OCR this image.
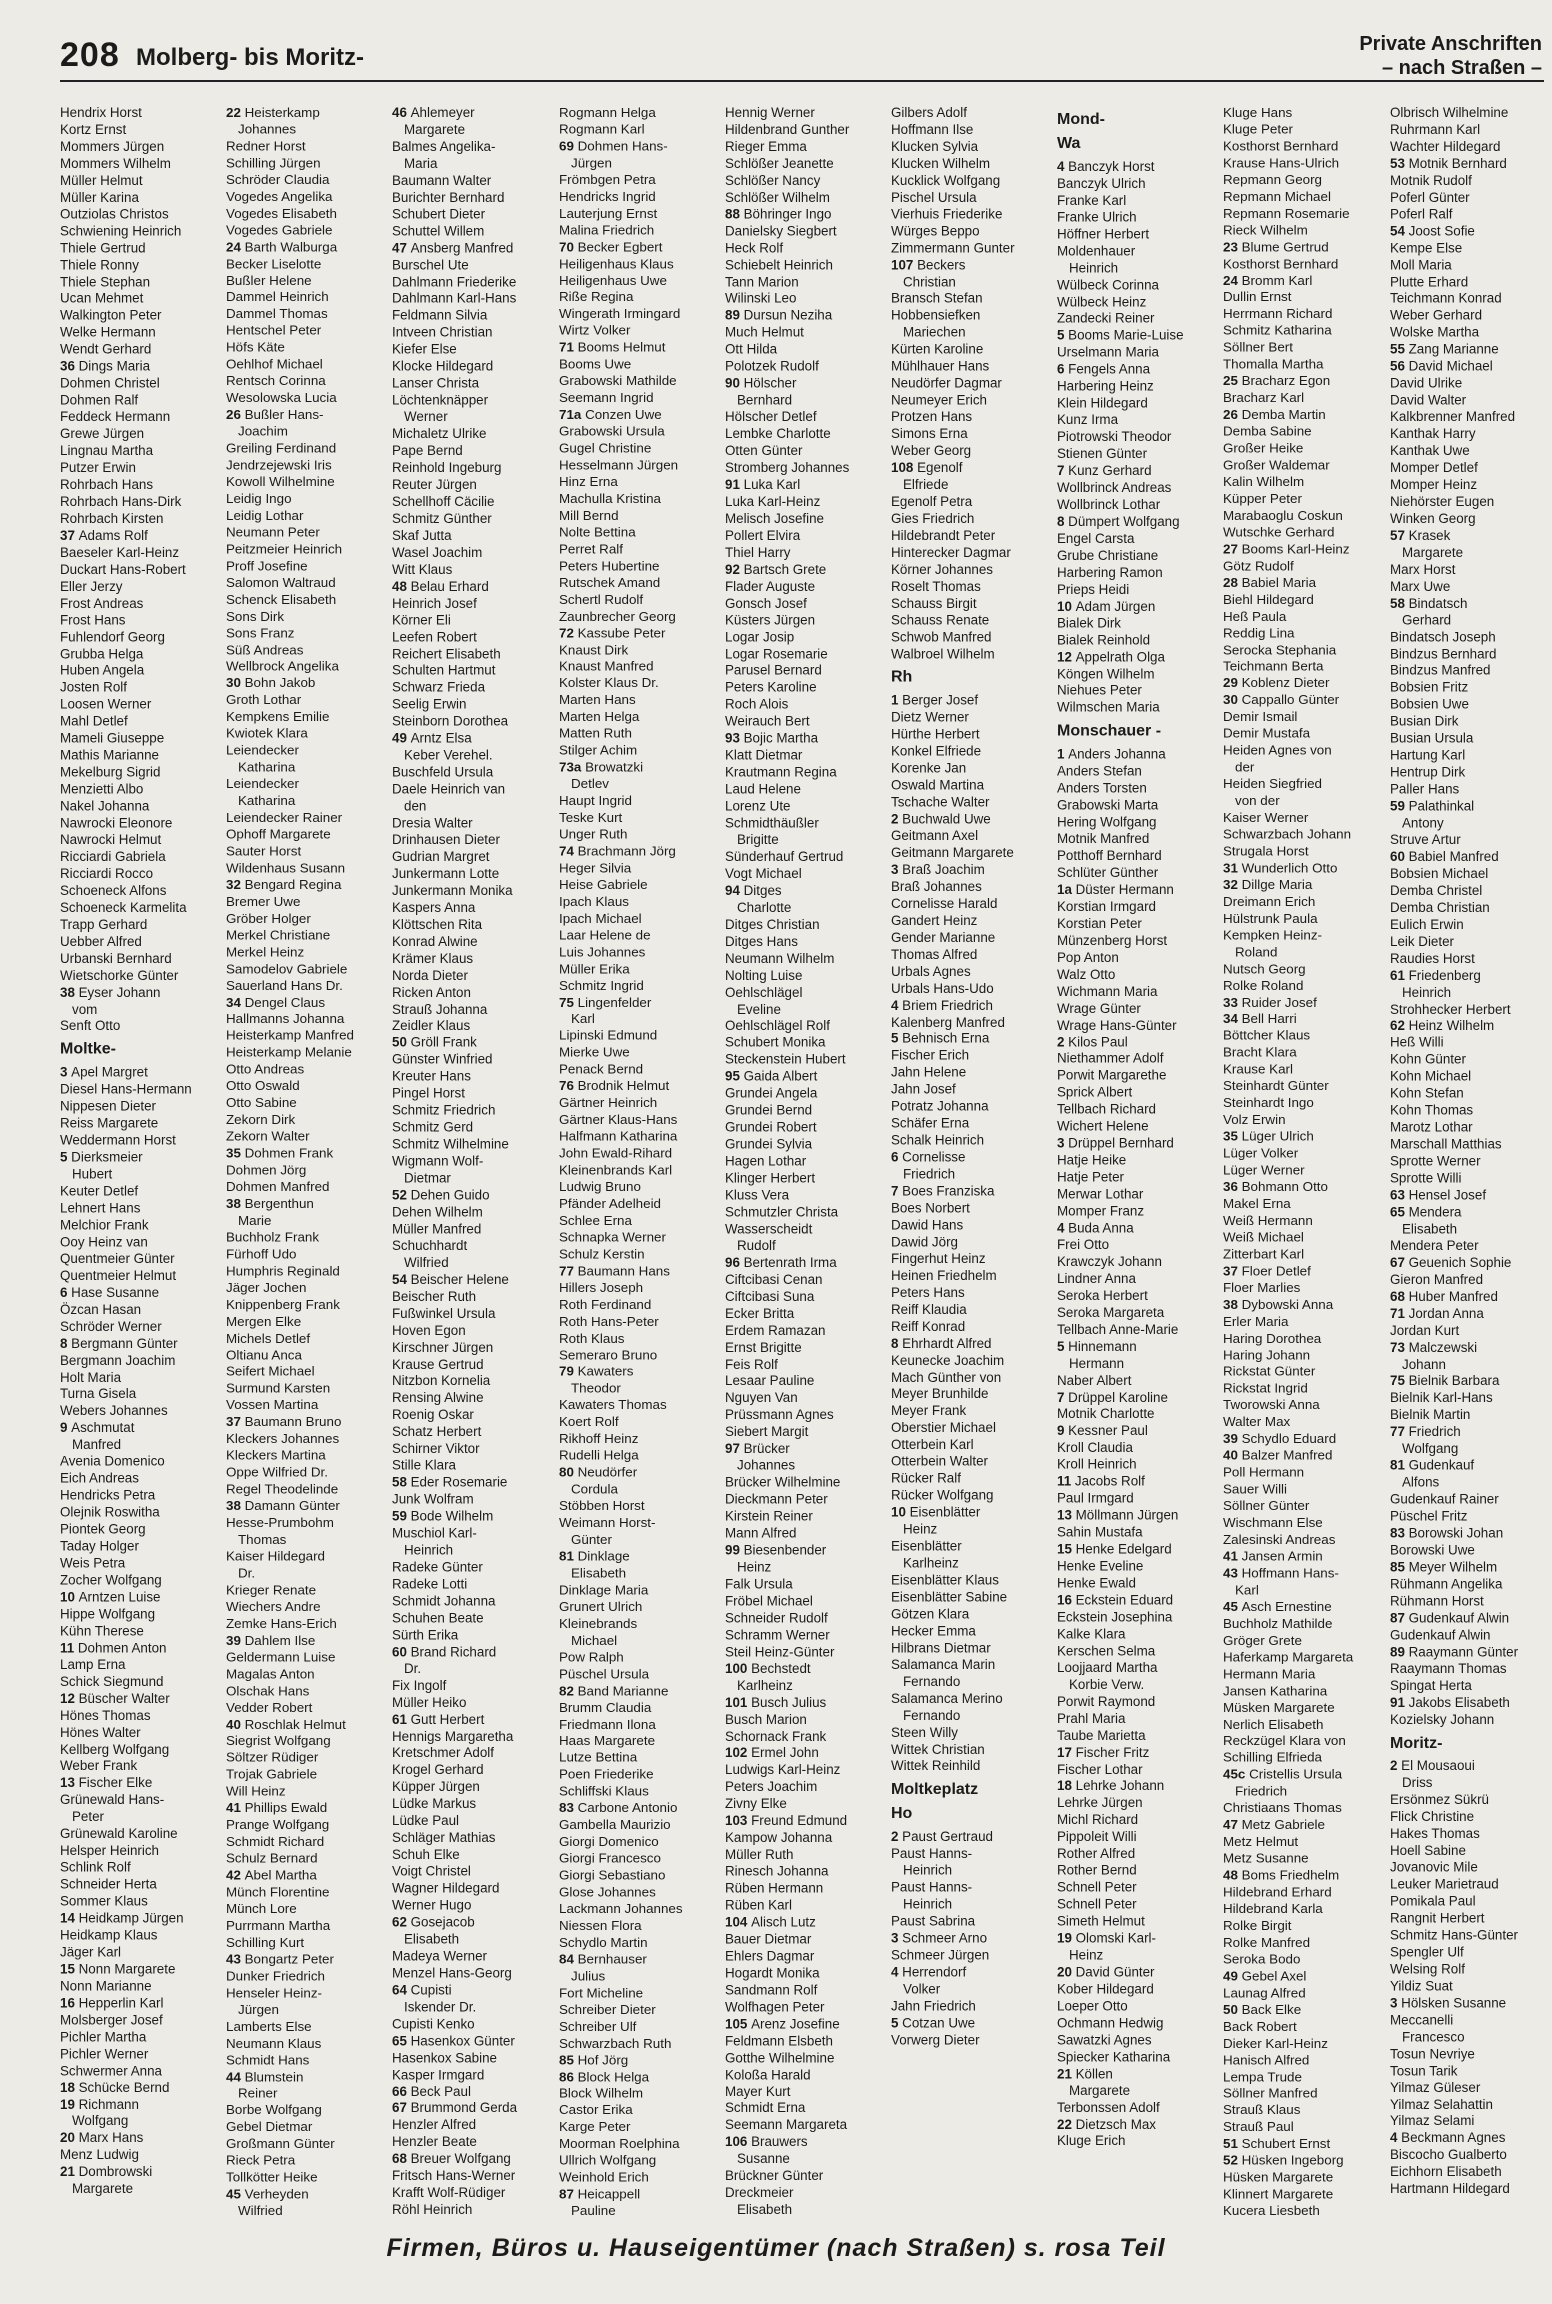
208 Molberg- bis Moritz-	Private Anschriften
– nach Straßen –
Hendrix Horst
Kortz Ernst
Mommers Jürgen
Mommers Wilhelm
Müller Helmut
Müller Karina
Outziolas Christos
Schwiening Heinrich
Thiele Gertrud
Thiele Ronny
Thiele Stephan
Ucan Mehmet
Walkington Peter
Welke Hermann
Wendt Gerhard
36 Dings Maria
Dohmen Christel
Dohmen Ralf
Feddeck Hermann
Grewe Jürgen
Lingnau Martha
Putzer Erwin
Rohrbach Hans
Rohrbach Hans-Dirk
Rohrbach Kirsten
37 Adams Rolf
Baeseler Karl-Heinz
Duckart Hans-Robert
Eller Jerzy
Frost Andreas
Frost Hans
Fuhlendorf Georg
Grubba Helga
Huben Angela
Josten Rolf
Loosen Werner
Mahl Detlef
Mameli Giuseppe
Mathis Marianne
Mekelburg Sigrid
Menzietti Albo
Nakel Johanna
Nawrocki Eleonore
Nawrocki Helmut
Ricciardi Gabriela
Ricciardi Rocco
Schoeneck Alfons
Schoeneck Karmelita
Trapp Gerhard
Uebber Alfred
Urbanski Bernhard
Wietschorke Günter
38 Eyser Johann
vom
Senft Otto
Moltke-
3 Apel Margret
Diesel Hans-Hermann
Nippesen Dieter
Reiss Margarete
Weddermann Horst
5 Dierksmeier
Hubert
Keuter Detlef
Lehnert Hans
Melchior Frank
Ooy Heinz van
Quentmeier Günter
Quentmeier Helmut
6 Hase Susanne
Özcan Hasan
Schröder Werner
8 Bergmann Günter
Bergmann Joachim
Holt Maria
Turna Gisela
Webers Johannes
9 Aschmutat
Manfred
Avenia Domenico
Eich Andreas
Hendricks Petra
Olejnik Roswitha
Piontek Georg
Taday Holger
Weis Petra
Zocher Wolfgang
10 Arntzen Luise
Hippe Wolfgang
Kühn Therese
11 Dohmen Anton
Lamp Erna
Schick Siegmund
12 Büscher Walter
Hönes Thomas
Hönes Walter
Kellberg Wolfgang
Weber Frank
13 Fischer Elke
Grünewald Hans-
Peter
Grünewald Karoline
Helsper Heinrich
Schlink Rolf
Schneider Herta
Sommer Klaus
14 Heidkamp Jürgen
Heidkamp Klaus
Jäger Karl
15 Nonn Margarete
Nonn Marianne
16 Hepperlin Karl
Molsberger Josef
Pichler Martha
Pichler Werner
Schwermer Anna
18 Schücke Bernd
19 Richmann
Wolfgang
20 Marx Hans
Menz Ludwig
21 Dombrowski
Margarete
22 Heisterkamp
Johannes
Redner Horst
Schilling Jürgen
Schröder Claudia
Vogedes Angelika
Vogedes Elisabeth
Vogedes Gabriele
24 Barth Walburga
Becker Liselotte
Bußler Helene
Dammel Heinrich
Dammel Thomas
Hentschel Peter
Höfs Käte
Oehlhof Michael
Rentsch Corinna
Wesolowska Lucia
26 Bußler Hans-
Joachim
Greiling Ferdinand
Jendrzejewski Iris
Kowoll Wilhelmine
Leidig Ingo
Leidig Lothar
Neumann Peter
Peitzmeier Heinrich
Proff Josefine
Salomon Waltraud
Schenck Elisabeth
Sons Dirk
Sons Franz
Süß Andreas
Wellbrock Angelika
30 Bohn Jakob
Groth Lothar
Kempkens Emilie
Kwiotek Klara
Leiendecker
Katharina
Leiendecker
Katharina
Leiendecker Rainer
Ophoff Margarete
Sauter Horst
Wildenhaus Susann
32 Bengard Regina
Bremer Uwe
Gröber Holger
Merkel Christiane
Merkel Heinz
Samodelov Gabriele
Sauerland Hans Dr.
34 Dengel Claus
Hallmanns Johanna
Heisterkamp Manfred
Heisterkamp Melanie
Otto Andreas
Otto Oswald
Otto Sabine
Zekorn Dirk
Zekorn Walter
35 Dohmen Frank
Dohmen Jörg
Dohmen Manfred
38 Bergenthun
Marie
Buchholz Frank
Fürhoff Udo
Humphris Reginald
Jäger Jochen
Knippenberg Frank
Mergen Elke
Michels Detlef
Oltianu Anca
Seifert Michael
Surmund Karsten
Vossen Martina
37 Baumann Bruno
Kleckers Johannes
Kleckers Martina
Oppe Wilfried Dr.
Regel Theodelinde
38 Damann Günter
Hesse-Prumbohm
Thomas
Kaiser Hildegard
Dr.
Krieger Renate
Wiechers Andre
Zemke Hans-Erich
39 Dahlem Ilse
Geldermann Luise
Magalas Anton
Olschak Hans
Vedder Robert
40 Roschlak Helmut
Siegrist Wolfgang
Söltzer Rüdiger
Trojak Gabriele
Will Heinz
41 Phillips Ewald
Prange Wolfgang
Schmidt Richard
Schulz Bernard
42 Abel Martha
Münch Florentine
Münch Lore
Purrmann Martha
Schilling Kurt
43 Bongartz Peter
Dunker Friedrich
Henseler Heinz-
Jürgen
Lamberts Else
Neumann Klaus
Schmidt Hans
44 Blumstein
Reiner
Borbe Wolfgang
Gebel Dietmar
Großmann Günter
Rieck Petra
Tollkötter Heike
45 Verheyden
Wilfried
46 Ahlemeyer
Margarete
Balmes Angelika-
Maria
Baumann Walter
Burichter Bernhard
Schubert Dieter
Schuttel Willem
47 Ansberg Manfred
Burschel Ute
Dahlmann Friederike
Dahlmann Karl-Hans
Feldmann Silvia
Intveen Christian
Kiefer Else
Klocke Hildegard
Lanser Christa
Löchtenknäpper
Werner
Michaletz Ulrike
Pape Bernd
Reinhold Ingeburg
Reuter Jürgen
Schellhoff Cäcilie
Schmitz Günther
Skaf Jutta
Wasel Joachim
Witt Klaus
48 Belau Erhard
Heinrich Josef
Körner Eli
Leefen Robert
Reichert Elisabeth
Schulten Hartmut
Schwarz Frieda
Seelig Erwin
Steinborn Dorothea
49 Arntz Elsa
Keber Verehel.
Buschfeld Ursula
Daele Heinrich van
den
Dresia Walter
Drinhausen Dieter
Gudrian Margret
Junkermann Lotte
Junkermann Monika
Kaspers Anna
Klöttschen Rita
Konrad Alwine
Krämer Klaus
Norda Dieter
Ricken Anton
Strauß Johanna
Zeidler Klaus
50 Gröll Frank
Günster Winfried
Kreuter Hans
Pingel Horst
Schmitz Friedrich
Schmitz Gerd
Schmitz Wilhelmine
Wigmann Wolf-
Dietmar
52 Dehen Guido
Dehen Wilhelm
Müller Manfred
Schuchhardt
Wilfried
54 Beischer Helene
Beischer Ruth
Fußwinkel Ursula
Hoven Egon
Kirschner Jürgen
Krause Gertrud
Nitzbon Kornelia
Rensing Alwine
Roenig Oskar
Schatz Herbert
Schirner Viktor
Stille Klara
58 Eder Rosemarie
Junk Wolfram
59 Bode Wilhelm
Muschiol Karl-
Heinrich
Radeke Günter
Radeke Lotti
Schmidt Johanna
Schuhen Beate
Sürth Erika
60 Brand Richard
Dr.
Fix Ingolf
Müller Heiko
61 Gutt Herbert
Hennigs Margaretha
Kretschmer Adolf
Krogel Gerhard
Küpper Jürgen
Lüdke Markus
Lüdke Paul
Schläger Mathias
Schuh Elke
Voigt Christel
Wagner Hildegard
Werner Hugo
62 Gosejacob
Elisabeth
Madeya Werner
Menzel Hans-Georg
64 Cupisti
Iskender Dr.
Cupisti Kenko
65 Hasenkox Günter
Hasenkox Sabine
Kasper Irmgard
66 Beck Paul
67 Brummond Gerda
Henzler Alfred
Henzler Beate
68 Breuer Wolfgang
Fritsch Hans-Werner
Krafft Wolf-Rüdiger
Röhl Heinrich
Rogmann Helga
Rogmann Karl
69 Dohmen Hans-
Jürgen
Frömbgen Petra
Hendricks Ingrid
Lauterjung Ernst
Malina Friedrich
70 Becker Egbert
Heiligenhaus Klaus
Heiligenhaus Uwe
Riße Regina
Wingerath Irmingard
Wirtz Volker
71 Booms Helmut
Booms Uwe
Grabowski Mathilde
Seemann Ingrid
71a Conzen Uwe
Grabowski Ursula
Gugel Christine
Hesselmann Jürgen
Hinz Erna
Machulla Kristina
Mill Bernd
Nolte Bettina
Perret Ralf
Peters Hubertine
Rutschek Amand
Schertl Rudolf
Zaunbrecher Georg
72 Kassube Peter
Knaust Dirk
Knaust Manfred
Kolster Klaus Dr.
Marten Hans
Marten Helga
Matten Ruth
Stilger Achim
73a Browatzki
Detlev
Haupt Ingrid
Teske Kurt
Unger Ruth
74 Brachmann Jörg
Heger Silvia
Heise Gabriele
Ipach Klaus
Ipach Michael
Laar Helene de
Luis Johannes
Müller Erika
Schmitz Ingrid
75 Lingenfelder
Karl
Lipinski Edmund
Mierke Uwe
Penack Bernd
76 Brodnik Helmut
Gärtner Heinrich
Gärtner Klaus-Hans
Halfmann Katharina
John Ewald-Rihard
Kleinenbrands Karl
Ludwig Bruno
Pfänder Adelheid
Schlee Erna
Schnapka Werner
Schulz Kerstin
77 Baumann Hans
Hillers Joseph
Roth Ferdinand
Roth Hans-Peter
Roth Klaus
Semeraro Bruno
79 Kawaters
Theodor
Kawaters Thomas
Koert Rolf
Rikhoff Heinz
Rudelli Helga
80 Neudörfer
Cordula
Stöbben Horst
Weimann Horst-
Günter
81 Dinklage
Elisabeth
Dinklage Maria
Grunert Ulrich
Kleinebrands
Michael
Pow Ralph
Püschel Ursula
82 Band Marianne
Brumm Claudia
Friedmann Ilona
Haas Margarete
Lutze Bettina
Poen Friederike
Schliffski Klaus
83 Carbone Antonio
Gambella Maurizio
Giorgi Domenico
Giorgi Francesco
Giorgi Sebastiano
Glose Johannes
Lackmann Johannes
Niessen Flora
Schydlo Martin
84 Bernhauser
Julius
Fort Micheline
Schreiber Dieter
Schreiber Ulf
Schwarzbach Ruth
85 Hof Jörg
86 Block Helga
Block Wilhelm
Castor Erika
Karge Peter
Moorman Roelphina
Ullrich Wolfgang
Weinhold Erich
87 Heicappell
Pauline
Hennig Werner
Hildenbrand Gunther
Rieger Emma
Schlößer Jeanette
Schlößer Nancy
Schlößer Wilhelm
88 Böhringer Ingo
Danielsky Siegbert
Heck Rolf
Schiebelt Heinrich
Tann Marion
Wilinski Leo
89 Dursun Neziha
Much Helmut
Ott Hilda
Polotzek Rudolf
90 Hölscher
Bernhard
Hölscher Detlef
Lembke Charlotte
Otten Günter
Stromberg Johannes
91 Luka Karl
Luka Karl-Heinz
Melisch Josefine
Pollert Elvira
Thiel Harry
92 Bartsch Grete
Flader Auguste
Gonsch Josef
Küsters Jürgen
Logar Josip
Logar Rosemarie
Parusel Bernard
Peters Karoline
Roch Alois
Weirauch Bert
93 Bojic Martha
Klatt Dietmar
Krautmann Regina
Laud Helene
Lorenz Ute
Schmidthäußler
Brigitte
Sünderhauf Gertrud
Vogt Michael
94 Ditges
Charlotte
Ditges Christian
Ditges Hans
Neumann Wilhelm
Nolting Luise
Oehlschlägel
Eveline
Oehlschlägel Rolf
Schubert Monika
Steckenstein Hubert
95 Gaida Albert
Grundei Angela
Grundei Bernd
Grundei Robert
Grundei Sylvia
Hagen Lothar
Klinger Herbert
Kluss Vera
Schmutzler Christa
Wasserscheidt
Rudolf
96 Bertenrath Irma
Ciftcibasi Cenan
Ciftcibasi Suna
Ecker Britta
Erdem Ramazan
Ernst Brigitte
Feis Rolf
Lesaar Pauline
Nguyen Van
Prüssmann Agnes
Siebert Margit
97 Brücker
Johannes
Brücker Wilhelmine
Dieckmann Peter
Kirstein Reiner
Mann Alfred
99 Biesenbender
Heinz
Falk Ursula
Fröbel Michael
Schneider Rudolf
Schramm Werner
Steil Heinz-Günter
100 Bechstedt
Karlheinz
101 Busch Julius
Busch Marion
Schornack Frank
102 Ermel John
Ludwigs Karl-Heinz
Peters Joachim
Zivny Elke
103 Freund Edmund
Kampow Johanna
Müller Ruth
Rinesch Johanna
Rüben Hermann
Rüben Karl
104 Alisch Lutz
Bauer Dietmar
Ehlers Dagmar
Hogardt Monika
Sandmann Rolf
Wolfhagen Peter
105 Arenz Josefine
Feldmann Elsbeth
Gotthe Wilhelmine
Koloßa Harald
Mayer Kurt
Schmidt Erna
Seemann Margareta
106 Brauwers
Susanne
Brückner Günter
Dreckmeier
Elisabeth
Gilbers Adolf
Hoffmann Ilse
Klucken Sylvia
Klucken Wilhelm
Kucklick Wolfgang
Pischel Ursula
Vierhuis Friederike
Würges Beppo
Zimmermann Gunter
107 Beckers
Christian
Bransch Stefan
Hobbensiefken
Mariechen
Kürten Karoline
Mühlhauer Hans
Neudörfer Dagmar
Neumeyer Erich
Protzen Hans
Simons Erna
Weber Georg
108 Egenolf
Elfriede
Egenolf Petra
Gies Friedrich
Hildebrandt Peter
Hinterecker Dagmar
Körner Johannes
Roselt Thomas
Schauss Birgit
Schauss Renate
Schwob Manfred
Walbroel Wilhelm
Rh
1 Berger Josef
Dietz Werner
Hürthe Herbert
Konkel Elfriede
Korenke Jan
Oswald Martina
Tschache Walter
2 Buchwald Uwe
Geitmann Axel
Geitmann Margarete
3 Braß Joachim
Braß Johannes
Cornelisse Harald
Gandert Heinz
Gender Marianne
Thomas Alfred
Urbals Agnes
Urbals Hans-Udo
4 Briem Friedrich
Kalenberg Manfred
5 Behnisch Erna
Fischer Erich
Jahn Helene
Jahn Josef
Potratz Johanna
Schäfer Erna
Schalk Heinrich
6 Cornelisse
Friedrich
7 Boes Franziska
Boes Norbert
Dawid Hans
Dawid Jörg
Fingerhut Heinz
Heinen Friedhelm
Peters Hans
Reiff Klaudia
Reiff Konrad
8 Ehrhardt Alfred
Keunecke Joachim
Mach Günther von
Meyer Brunhilde
Meyer Frank
Oberstier Michael
Otterbein Karl
Otterbein Walter
Rücker Ralf
Rücker Wolfgang
10 Eisenblätter
Heinz
Eisenblätter
Karlheinz
Eisenblätter Klaus
Eisenblätter Sabine
Götzen Klara
Hecker Emma
Hilbrans Dietmar
Salamanca Marin
Fernando
Salamanca Merino
Fernando
Steen Willy
Wittek Christian
Wittek Reinhild
Moltkeplatz
Ho
2 Paust Gertraud
Paust Hanns-
Heinrich
Paust Hanns-
Heinrich
Paust Sabrina
3 Schmeer Arno
Schmeer Jürgen
4 Herrendorf
Volker
Jahn Friedrich
5 Cotzan Uwe
Vorwerg Dieter
Mond-
Wa
4 Banczyk Horst
Banczyk Ulrich
Franke Karl
Franke Ulrich
Höffner Herbert
Moldenhauer
Heinrich
Wülbeck Corinna
Wülbeck Heinz
Zandecki Reiner
5 Booms Marie-Luise
Urselmann Maria
6 Fengels Anna
Harbering Heinz
Klein Hildegard
Kunz Irma
Piotrowski Theodor
Stienen Günter
7 Kunz Gerhard
Wollbrinck Andreas
Wollbrinck Lothar
8 Dümpert Wolfgang
Engel Carsta
Grube Christiane
Harbering Ramon
Prieps Heidi
10 Adam Jürgen
Bialek Dirk
Bialek Reinhold
12 Appelrath Olga
Köngen Wilhelm
Niehues Peter
Wilmschen Maria
Monschauer -
1 Anders Johanna
Anders Stefan
Anders Torsten
Grabowski Marta
Hering Wolfgang
Motnik Manfred
Potthoff Bernhard
Schlüter Günther
1a Düster Hermann
Korstian Irmgard
Korstian Peter
Münzenberg Horst
Pop Anton
Walz Otto
Wichmann Maria
Wrage Günter
Wrage Hans-Günter
2 Kilos Paul
Niethammer Adolf
Porwit Margarethe
Sprick Albert
Tellbach Richard
Wichert Helene
3 Drüppel Bernhard
Hatje Heike
Hatje Peter
Merwar Lothar
Momper Franz
4 Buda Anna
Frei Otto
Krawczyk Johann
Lindner Anna
Seroka Herbert
Seroka Margareta
Tellbach Anne-Marie
5 Hinnemann
Hermann
Naber Albert
7 Drüppel Karoline
Motnik Charlotte
9 Kessner Paul
Kroll Claudia
Kroll Heinrich
11 Jacobs Rolf
Paul Irmgard
13 Möllmann Jürgen
Sahin Mustafa
15 Henke Edelgard
Henke Eveline
Henke Ewald
16 Eckstein Eduard
Eckstein Josephina
Kalke Klara
Kerschen Selma
Loojjaard Martha
Korbie Verw.
Porwit Raymond
Prahl Maria
Taube Marietta
17 Fischer Fritz
Fischer Lothar
18 Lehrke Johann
Lehrke Jürgen
Michl Richard
Pippoleit Willi
Rother Alfred
Rother Bernd
Schnell Peter
Schnell Peter
Simeth Helmut
19 Olomski Karl-
Heinz
20 David Günter
Kober Hildegard
Loeper Otto
Ochmann Hedwig
Sawatzki Agnes
Spiecker Katharina
21 Köllen
Margarete
Terbonssen Adolf
22 Dietzsch Max
Kluge Erich
Kluge Hans
Kluge Peter
Kosthorst Bernhard
Krause Hans-Ulrich
Repmann Georg
Repmann Michael
Repmann Rosemarie
Rieck Wilhelm
23 Blume Gertrud
Kosthorst Bernhard
24 Bromm Karl
Dullin Ernst
Herrmann Richard
Schmitz Katharina
Söllner Bert
Thomalla Martha
25 Bracharz Egon
Bracharz Karl
26 Demba Martin
Demba Sabine
Großer Heike
Großer Waldemar
Kalin Wilhelm
Küpper Peter
Marabaoglu Coskun
Wutschke Gerhard
27 Booms Karl-Heinz
Götz Rudolf
28 Babiel Maria
Biehl Hildegard
Heß Paula
Reddig Lina
Serocka Stephania
Teichmann Berta
29 Koblenz Dieter
30 Cappallo Günter
Demir Ismail
Demir Mustafa
Heiden Agnes von
der
Heiden Siegfried
von der
Kaiser Werner
Schwarzbach Johann
Strugala Horst
31 Wunderlich Otto
32 Dillge Maria
Dreimann Erich
Hülstrunk Paula
Kempken Heinz-
Roland
Nutsch Georg
Rolke Roland
33 Ruider Josef
34 Bell Harri
Böttcher Klaus
Bracht Klara
Krause Karl
Steinhardt Günter
Steinhardt Ingo
Volz Erwin
35 Lüger Ulrich
Lüger Volker
Lüger Werner
36 Bohmann Otto
Makel Erna
Weiß Hermann
Weiß Michael
Zitterbart Karl
37 Floer Detlef
Floer Marlies
38 Dybowski Anna
Erler Maria
Haring Dorothea
Haring Johann
Rickstat Günter
Rickstat Ingrid
Tworowski Anna
Walter Max
39 Schydlo Eduard
40 Balzer Manfred
Poll Hermann
Sauer Willi
Söllner Günter
Wischmann Else
Zalesinski Andreas
41 Jansen Armin
43 Hoffmann Hans-
Karl
45 Asch Ernestine
Buchholz Mathilde
Gröger Grete
Haferkamp Margareta
Hermann Maria
Jansen Katharina
Müsken Margarete
Nerlich Elisabeth
Reckzügel Klara von
Schilling Elfrieda
45c Cristellis Ursula
Friedrich
Christiaans Thomas
47 Metz Gabriele
Metz Helmut
Metz Susanne
48 Boms Friedhelm
Hildebrand Erhard
Hildebrand Karla
Rolke Birgit
Rolke Manfred
Seroka Bodo
49 Gebel Axel
Launag Alfred
50 Back Elke
Back Robert
Dieker Karl-Heinz
Hanisch Alfred
Lempa Trude
Söllner Manfred
Strauß Klaus
Strauß Paul
51 Schubert Ernst
52 Hüsken Ingeborg
Hüsken Margarete
Klinnert Margarete
Kucera Liesbeth
Olbrisch Wilhelmine
Ruhrmann Karl
Wachter Hildegard
53 Motnik Bernhard
Motnik Rudolf
Poferl Günter
Poferl Ralf
54 Joost Sofie
Kempe Else
Moll Maria
Plutte Erhard
Teichmann Konrad
Weber Gerhard
Wolske Martha
55 Zang Marianne
56 David Michael
David Ulrike
David Walter
Kalkbrenner Manfred
Kanthak Harry
Kanthak Uwe
Momper Detlef
Momper Heinz
Niehörster Eugen
Winken Georg
57 Krasek
Margarete
Marx Horst
Marx Uwe
58 Bindatsch
Gerhard
Bindatsch Joseph
Bindzus Bernhard
Bindzus Manfred
Bobsien Fritz
Bobsien Uwe
Busian Dirk
Busian Ursula
Hartung Karl
Hentrup Dirk
Paller Hans
59 Palathinkal
Antony
Struve Artur
60 Babiel Manfred
Bobsien Michael
Demba Christel
Demba Christian
Eulich Erwin
Leik Dieter
Raudies Horst
61 Friedenberg
Heinrich
Strohhecker Herbert
62 Heinz Wilhelm
Heß Willi
Kohn Günter
Kohn Michael
Kohn Stefan
Kohn Thomas
Marotz Lothar
Marschall Matthias
Sprotte Werner
Sprotte Willi
63 Hensel Josef
65 Mendera
Elisabeth
Mendera Peter
67 Geuenich Sophie
Gieron Manfred
68 Huber Manfred
71 Jordan Anna
Jordan Kurt
73 Malczewski
Johann
75 Bielnik Barbara
Bielnik Karl-Hans
Bielnik Martin
77 Friedrich
Wolfgang
81 Gudenkauf
Alfons
Gudenkauf Rainer
Püschel Fritz
83 Borowski Johan
Borowski Uwe
85 Meyer Wilhelm
Rühmann Angelika
Rühmann Horst
87 Gudenkauf Alwin
Gudenkauf Alwin
89 Raaymann Günter
Raaymann Thomas
Spingat Herta
91 Jakobs Elisabeth
Kozielsky Johann
Moritz-
2 El Mousaoui
Driss
Ersönmez Sükrü
Flick Christine
Hakes Thomas
Hoell Sabine
Jovanovic Mile
Leuker Marietraud
Pomikala Paul
Rangnit Herbert
Schmitz Hans-Günter
Spengler Ulf
Welsing Rolf
Yildiz Suat
3 Hölsken Susanne
Meccanelli
Francesco
Tosun Nevriye
Tosun Tarik
Yilmaz Güleser
Yilmaz Selahattin
Yilmaz Selami
4 Beckmann Agnes
Biscocho Gualberto
Eichhorn Elisabeth
Hartmann Hildegard
Firmen, Büros u. Hauseigentümer (nach Straßen) s. rosa Teil
